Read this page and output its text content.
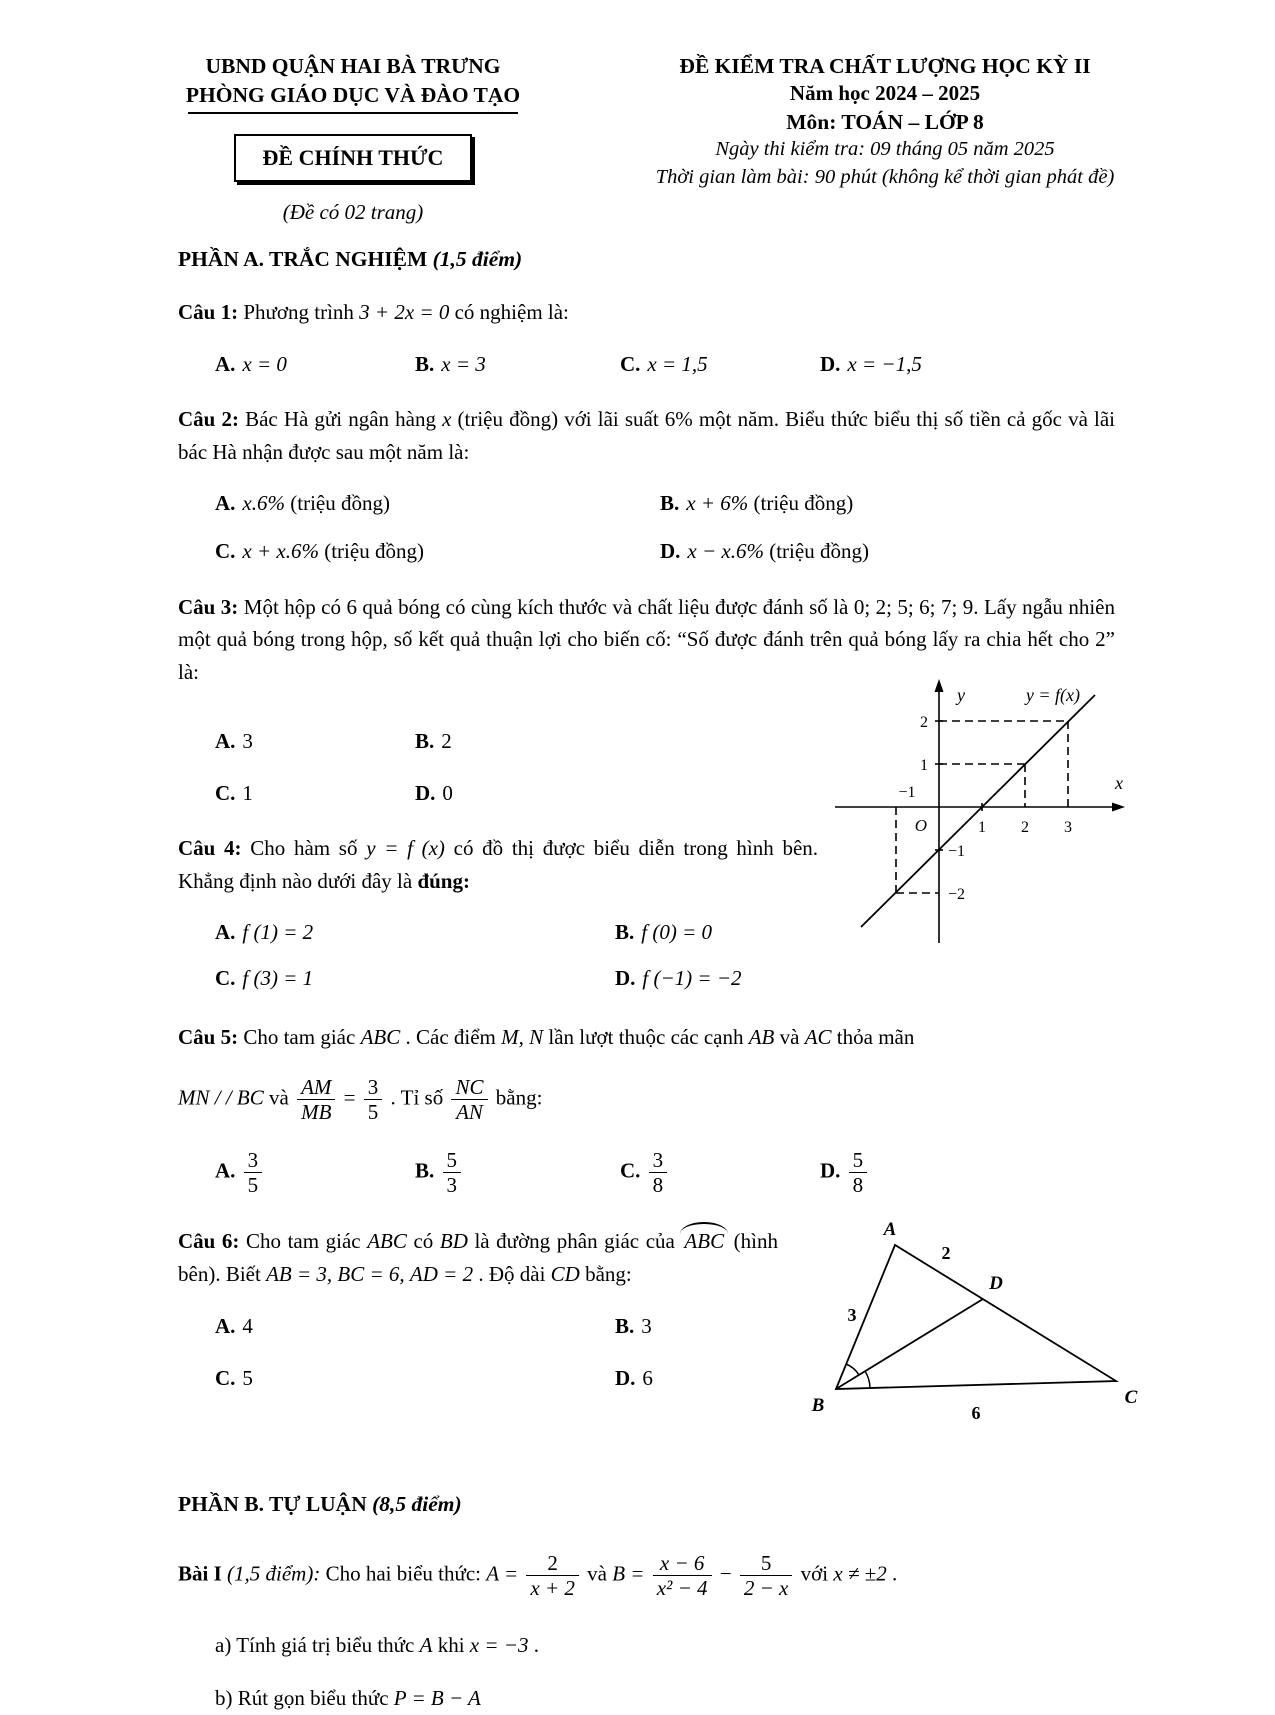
UBND QUẬN HAI BÀ TRƯNG
PHÒNG GIÁO DỤC VÀ ĐÀO TẠO
ĐỀ CHÍNH THỨC
(Đề có 02 trang)
ĐỀ KIỂM TRA CHẤT LƯỢNG HỌC KỲ II
Năm học 2024 – 2025
Môn: TOÁN – LỚP 8
Ngày thi kiểm tra: 09 tháng 05 năm 2025
Thời gian làm bài: 90 phút (không kể thời gian phát đề)
PHẦN A. TRẮC NGHIỆM (1,5 điểm)

Câu 1: Phương trình 3 + 2x = 0 có nghiệm là:

A. x = 0	B. x = 3	C. x = 1,5	D. x = −1,5

Câu 2: Bác Hà gửi ngân hàng x (triệu đồng) với lãi suất 6% một năm. Biểu thức biểu thị số tiền cả gốc và lãi bác Hà nhận được sau một năm là:

A. x.6% (triệu đồng)	B. x + 6% (triệu đồng)
C. x + x.6% (triệu đồng)	D. x − x.6% (triệu đồng)

Câu 3: Một hộp có 6 quả bóng có cùng kích thước và chất liệu được đánh số là 0; 2; 5; 6; 7; 9. Lấy ngẫu nhiên một quả bóng trong hộp, số kết quả thuận lợi cho biến cố: “Số được đánh trên quả bóng lấy ra chia hết cho 2” là:

A. 3	B. 2
C. 1	D. 0

Câu 4: Cho hàm số y = f (x) có đồ thị được biểu diễn trong hình bên. Khẳng định nào dưới đây là đúng:

A. f (1) = 2	B. f (0) = 0
C. f (3) = 1	D. f (−1) = −2
y
x
y = f(x)
O
2
1
−1
−2
1 2 3
−1

Câu 5: Cho tam giác ABC . Các điểm M, N lần lượt thuộc các cạnh AB và AC thỏa mãn

MN / / BC và $\frac{AM}{MB} = \frac{3}{5}$ . Tỉ số $\frac{NC}{AN}$ bằng:

A. $\frac{3}{5}$	B. $\frac{5}{3}$	C. $\frac{3}{8}$	D. $\frac{5}{8}$

Câu 6: Cho tam giác ABC có BD là đường phân giác của ABC (hình bên). Biết AB = 3, BC = 6, AD = 2 . Độ dài CD bằng:

A. 4	B. 3
C. 5	D. 6
A
B	C
D
2
3
6
PHẦN B. TỰ LUẬN (8,5 điểm)

Bài I (1,5 điểm): Cho hai biểu thức: $A = \frac{2}{x + 2}$ và $B = \frac{x - 6}{\text{x² − 4}} - \frac{5}{2 - x}$ với x ≠ ±2 .

a) Tính giá trị biểu thức A khi x = −3 .

b) Rút gọn biểu thức P = B − A
